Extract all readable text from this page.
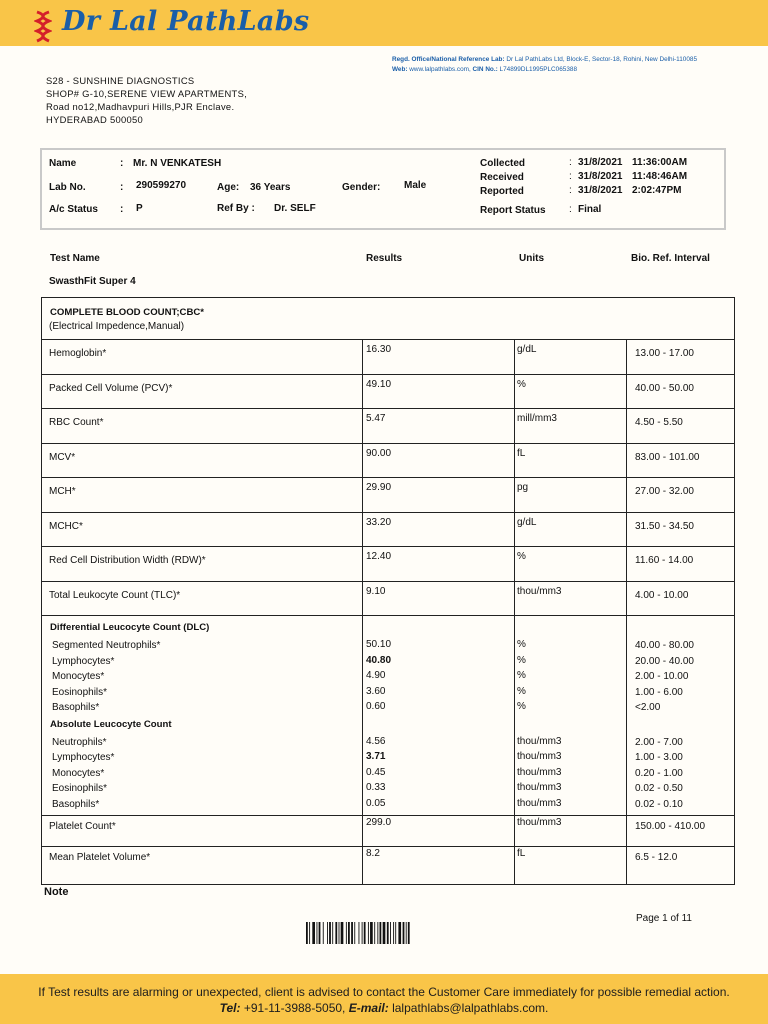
Dr Lal PathLabs
Regd. Office/National Reference Lab: Dr Lal PathLabs Ltd, Block-E, Sector-18, Rohini, New Delhi-110085
Web: www.lalpathlabs.com, CIN No.: L74899DL1995PLC065388
S28 - SUNSHINE DIAGNOSTICS
SHOP# G-10,SERENE VIEW APARTMENTS,
Road no12,Madhavpuri Hills,PJR Enclave.
HYDERABAD 500050
Name	: Mr. N VENKATESH
Lab No.	: 290599270	Age: 36 Years	Gender: Male
A/c Status : P	Ref By : Dr. SELF
Collected	: 31/8/2021 11:36:00AM
Received	: 31/8/2021 11:48:46AM
Reported	: 31/8/2021 2:02:47PM
Report Status : Final
Test Name	Results	Units	Bio. Ref. Interval
SwasthFit Super 4
COMPLETE BLOOD COUNT;CBC*
(Electrical Impedence,Manual)
Hemoglobin*	16.30	g/dL	13.00 - 17.00
Packed Cell Volume (PCV)*	49.10	%	40.00 - 50.00
RBC Count*	5.47	mill/mm3	4.50 - 5.50
MCV*	90.00	fL	83.00 - 101.00
MCH*	29.90	pg	27.00 - 32.00
MCHC*	33.20	g/dL	31.50 - 34.50
Red Cell Distribution Width (RDW)*	12.40	%	11.60 - 14.00
Total Leukocyte Count (TLC)*	9.10	thou/mm3	4.00 - 10.00
Differential Leucocyte Count (DLC)
Segmented Neutrophils*	50.10	%	40.00 - 80.00
Lymphocytes*	40.80	%	20.00 - 40.00
Monocytes*	4.90	%	2.00 - 10.00
Eosinophils*	3.60	%	1.00 - 6.00
Basophils*	0.60	%	<2.00
Absolute Leucocyte Count
Neutrophils*	4.56	thou/mm3	2.00 - 7.00
Lymphocytes*	3.71	thou/mm3	1.00 - 3.00
Monocytes*	0.45	thou/mm3	0.20 - 1.00
Eosinophils*	0.33	thou/mm3	0.02 - 0.50
Basophils*	0.05	thou/mm3	0.02 - 0.10
Platelet Count*	299.0	thou/mm3	150.00 - 410.00
Mean Platelet Volume*	8.2	fL	6.5 - 12.0
Note
Page 1 of 11
If Test results are alarming or unexpected, client is advised to contact the Customer Care immediately for possible remedial action.
Tel: +91-11-3988-5050, E-mail: lalpathlabs@lalpathlabs.com.
